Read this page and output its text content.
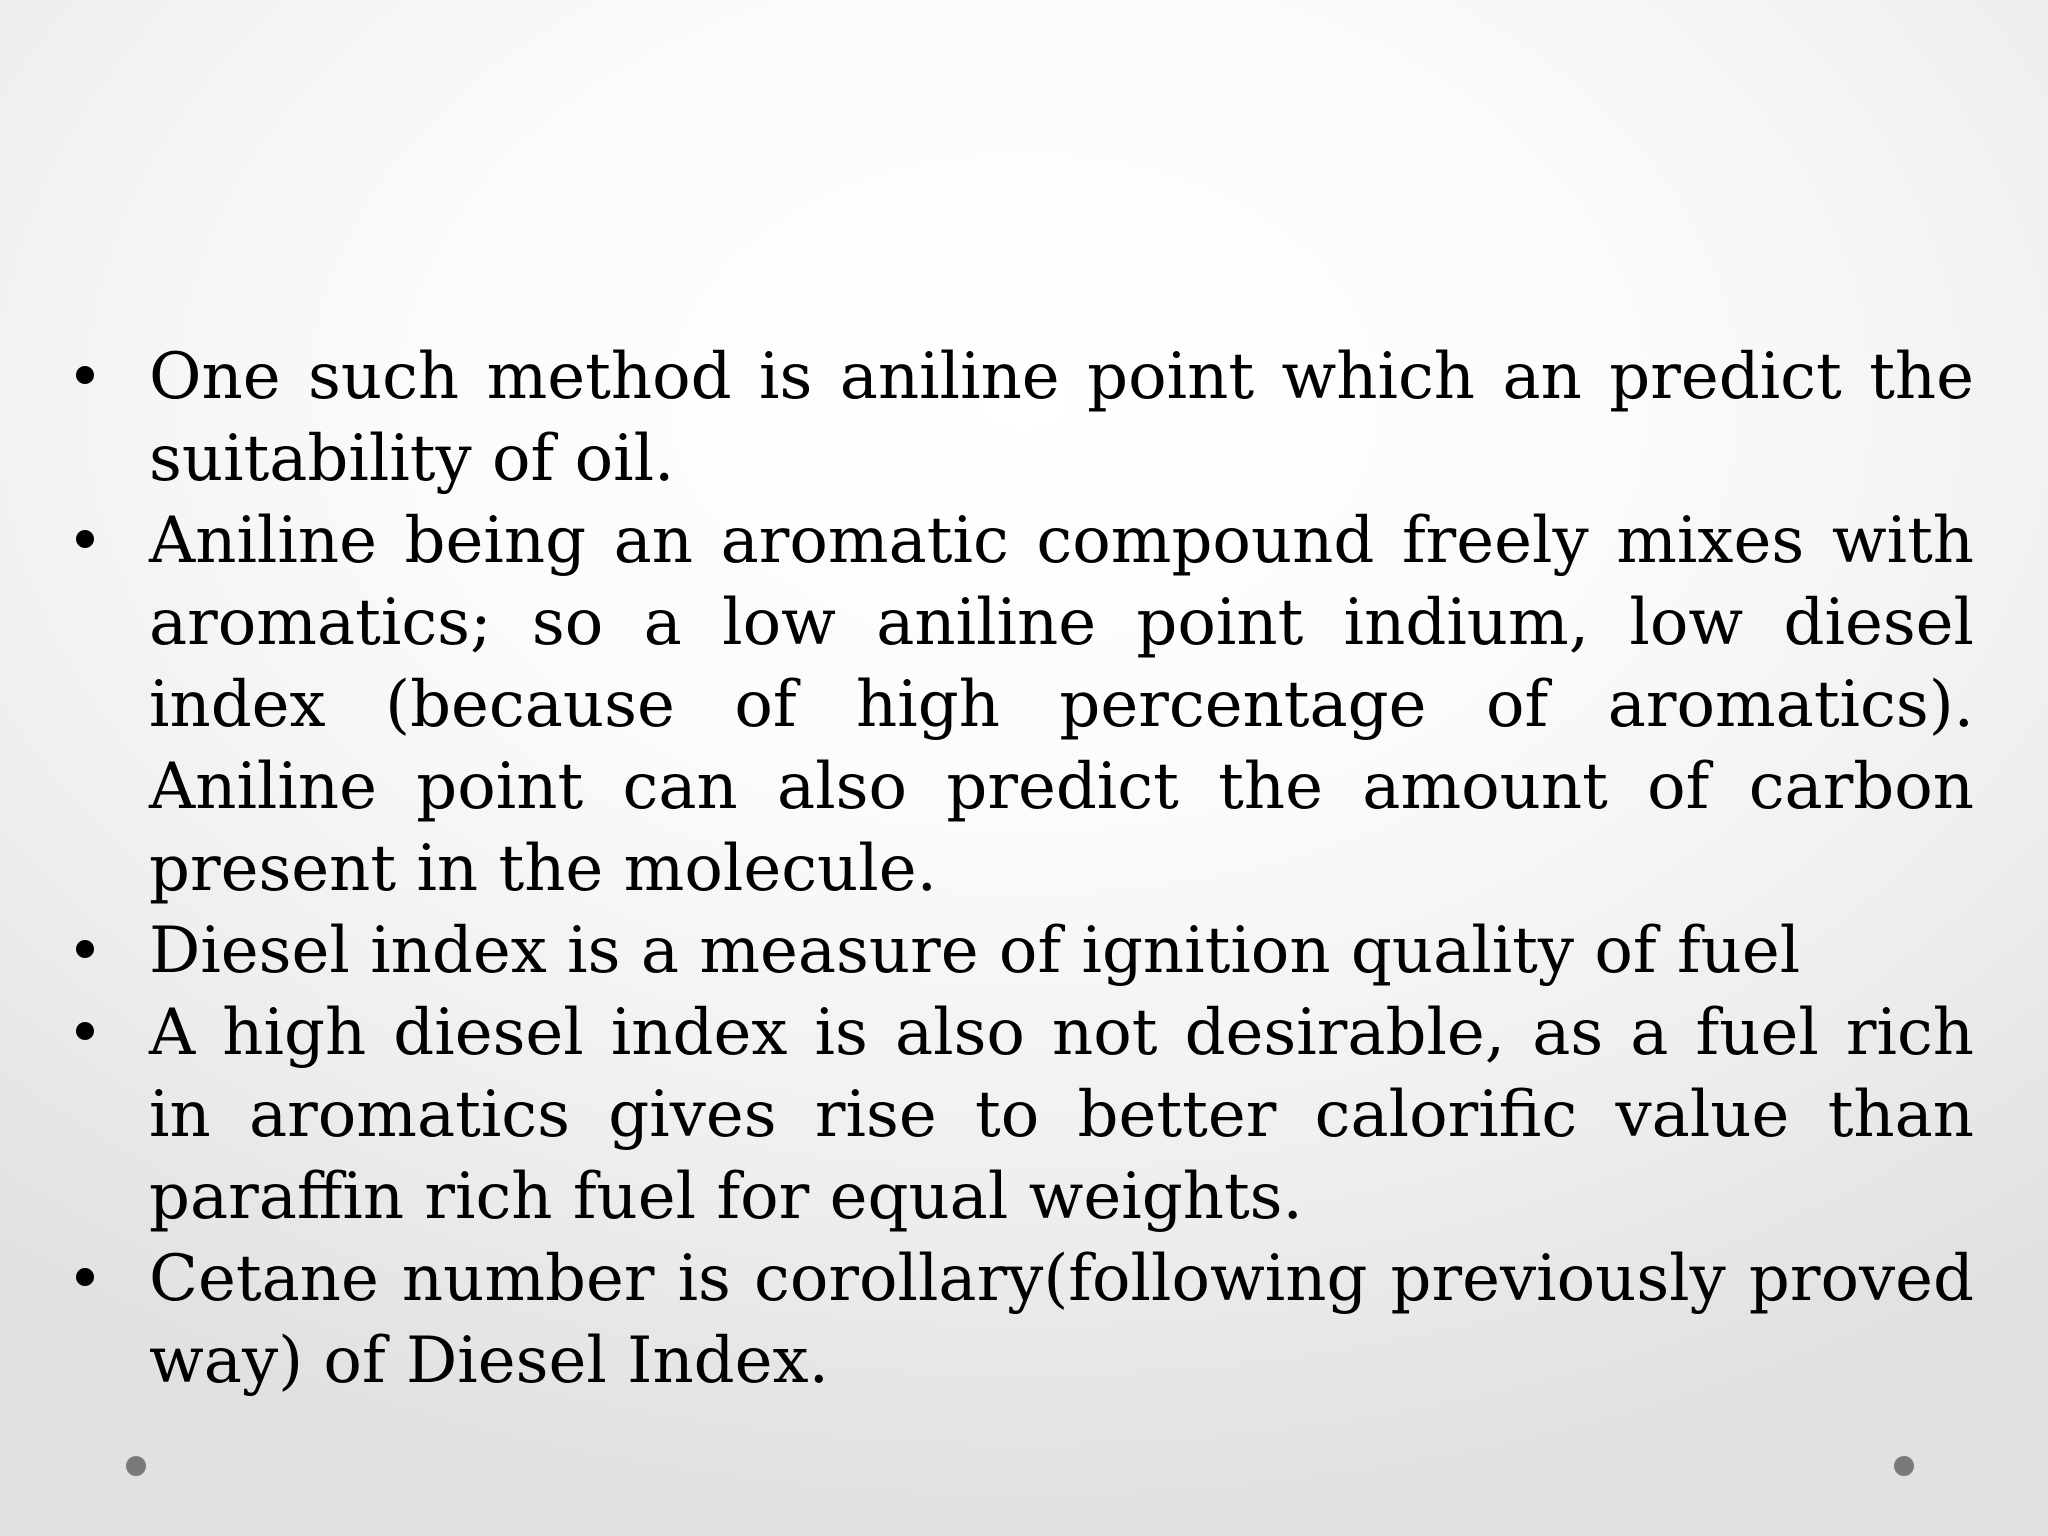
One such method is aniline point which an predict the suitability of oil.
Aniline being an aromatic compound freely mixes with aromatics; so a low aniline point indium, low diesel index (because of high percentage of aromatics). Aniline point can also predict the amount of carbon present in the molecule.
Diesel index is a measure of ignition quality of fuel
A high diesel index is also not desirable, as a fuel rich in aromatics gives rise to better calorific value than paraffin rich fuel for equal weights.
Cetane number is corollary(following previously proved way) of Diesel Index.
